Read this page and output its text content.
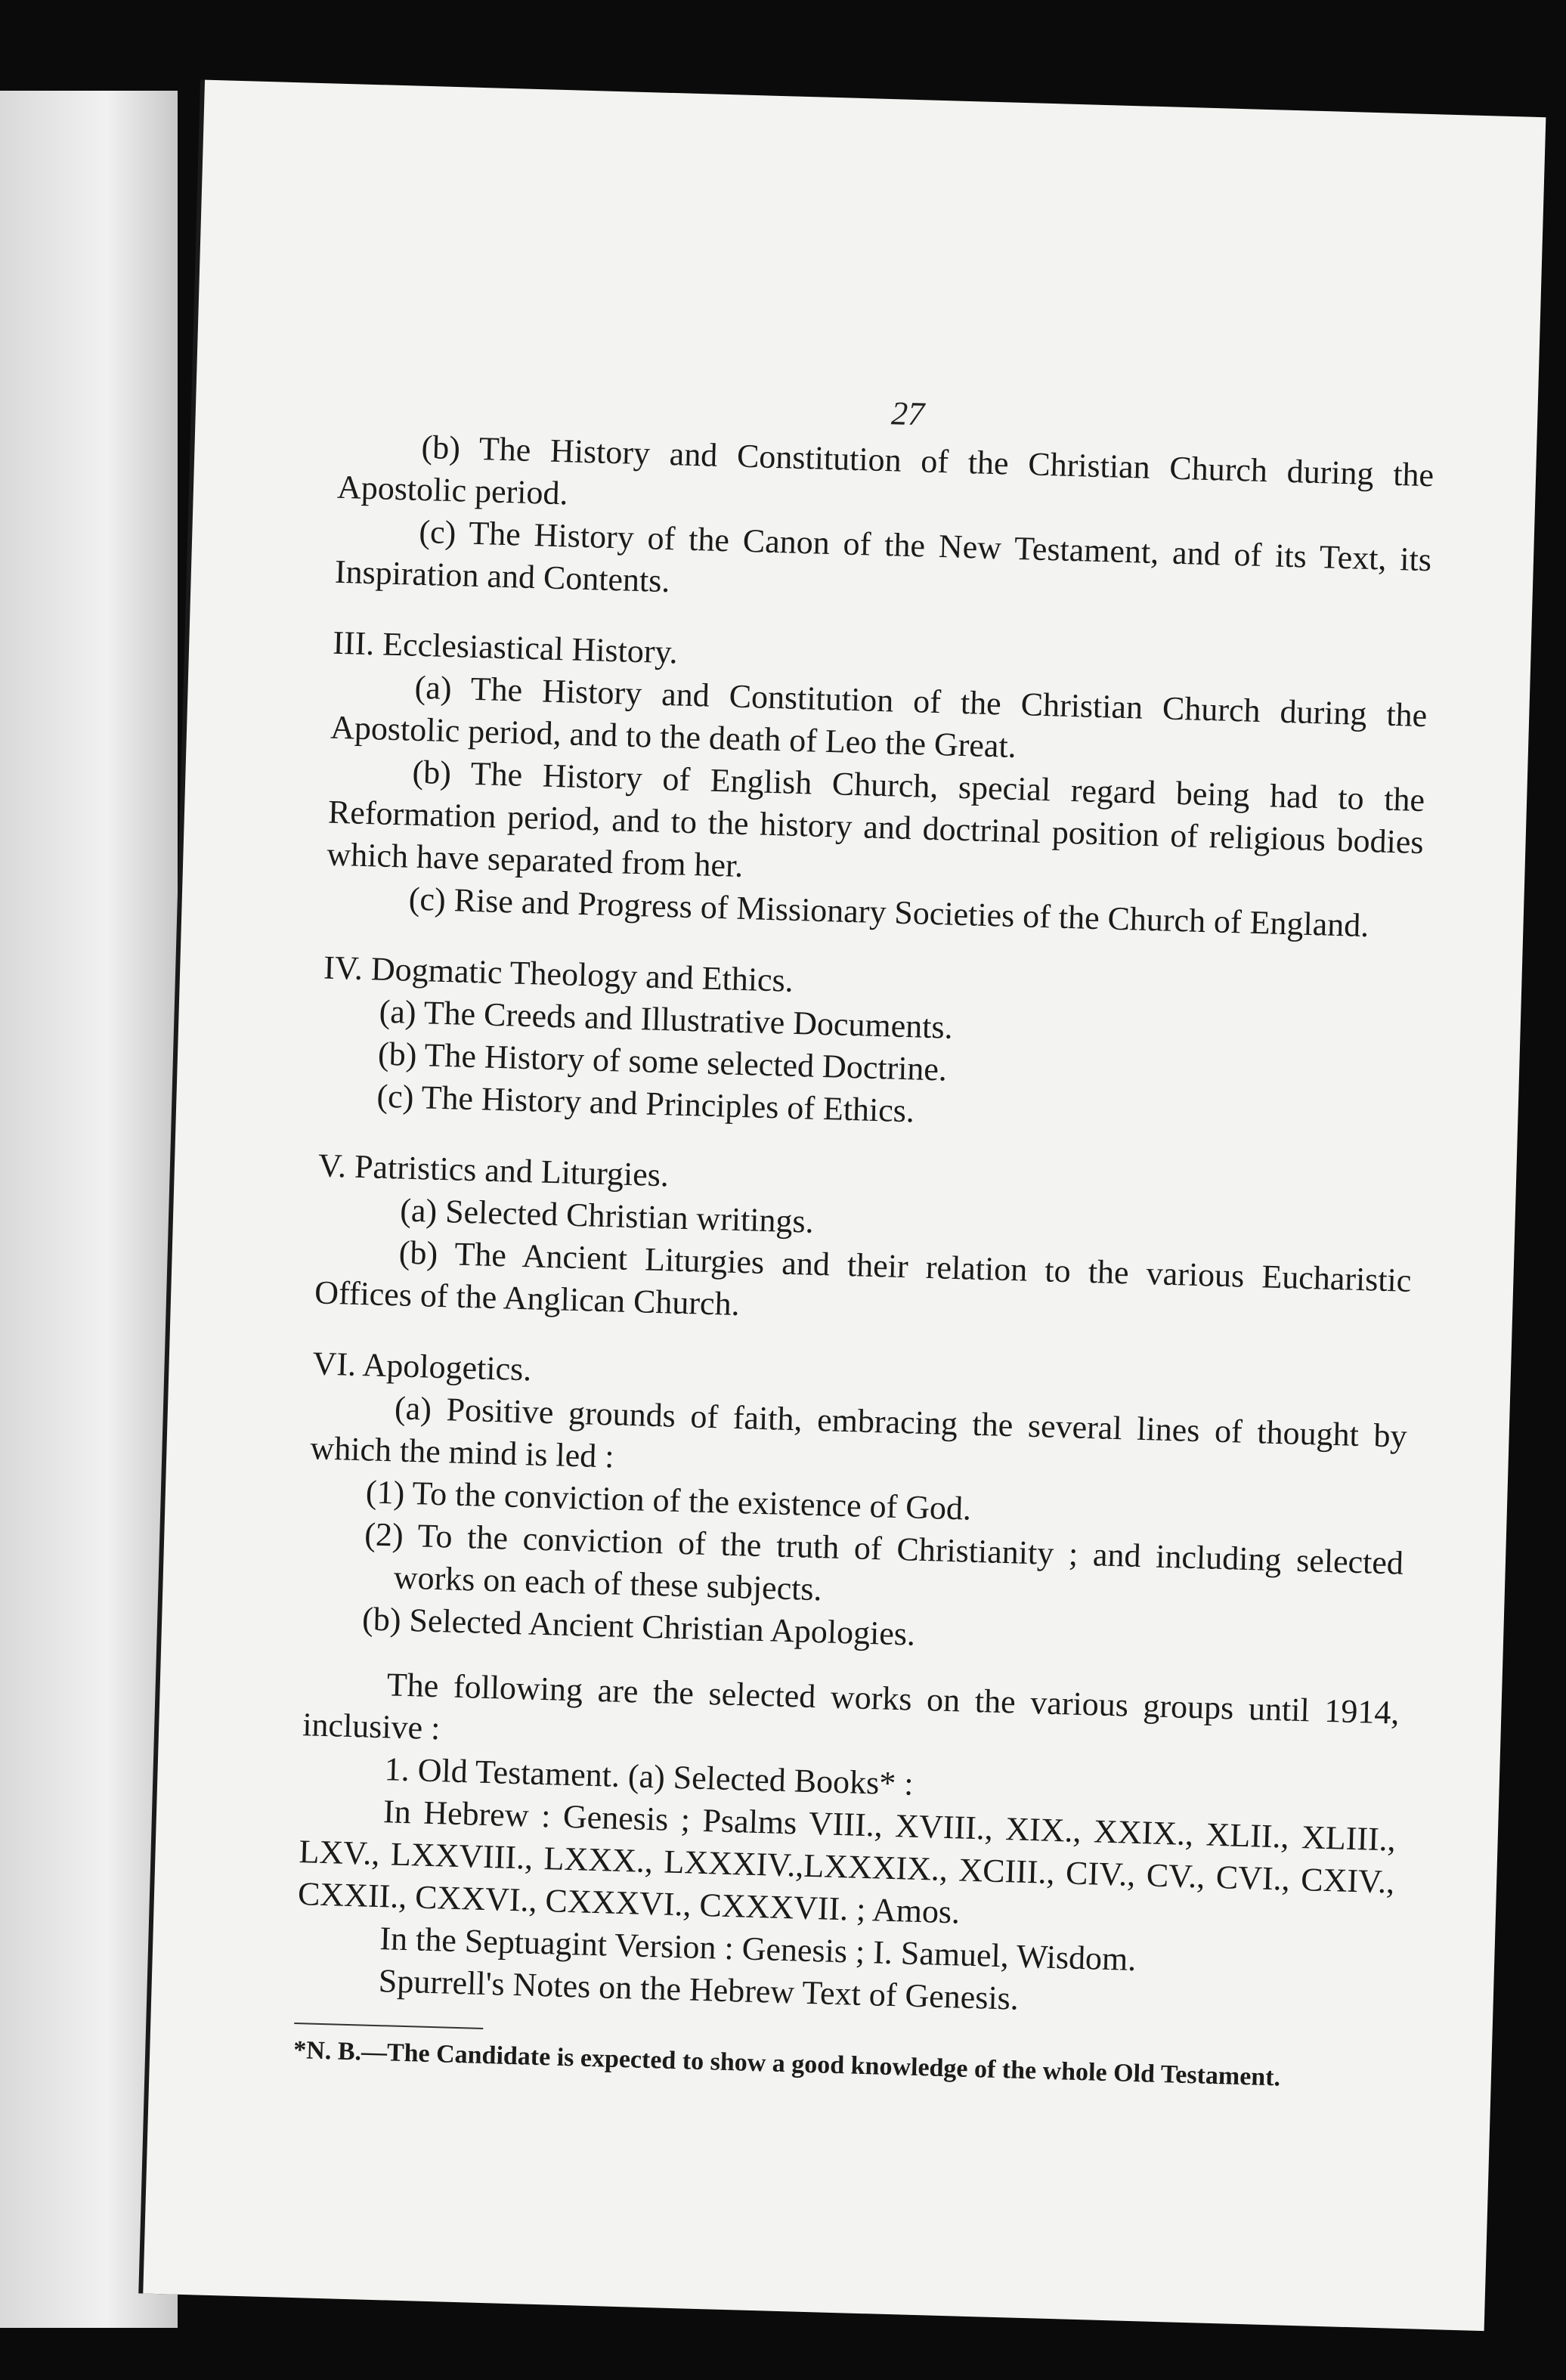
27

(b) The History and Constitution of the Christian Church during the Apostolic period.

(c) The History of the Canon of the New Testament, and of its Text, its Inspiration and Contents.

III. Ecclesiastical History.

(a) The History and Constitution of the Christian Church during the Apostolic period, and to the death of Leo the Great.

(b) The History of English Church, special regard being had to the Reformation period, and to the history and doctrinal position of religious bodies which have separated from her.

(c) Rise and Progress of Missionary Societies of the Church of England.

IV. Dogmatic Theology and Ethics.

(a) The Creeds and Illustrative Documents.

(b) The History of some selected Doctrine.

(c) The History and Principles of Ethics.

V. Patristics and Liturgies.

(a) Selected Christian writings.

(b) The Ancient Liturgies and their relation to the various Eucharistic Offices of the Anglican Church.

VI. Apologetics.

(a) Positive grounds of faith, embracing the several lines of thought by which the mind is led :

(1) To the conviction of the existence of God.

(2) To the conviction of the truth of Christianity ; and including selected works on each of these subjects.

(b) Selected Ancient Christian Apologies.

The following are the selected works on the various groups until 1914, inclusive :

1. Old Testament. (a) Selected Books* :

In Hebrew : Genesis ; Psalms VIII., XVIII., XIX., XXIX., XLII., XLIII., LXV., LXXVIII., LXXX., LXXXIV.,LXXXIX., XCIII., CIV., CV., CVI., CXIV., CXXII., CXXVI., CXXXVI., CXXXVII. ; Amos.

In the Septuagint Version : Genesis ; I. Samuel, Wisdom.

Spurrell's Notes on the Hebrew Text of Genesis.

*N. B.—The Candidate is expected to show a good knowledge of the whole Old Testament.
